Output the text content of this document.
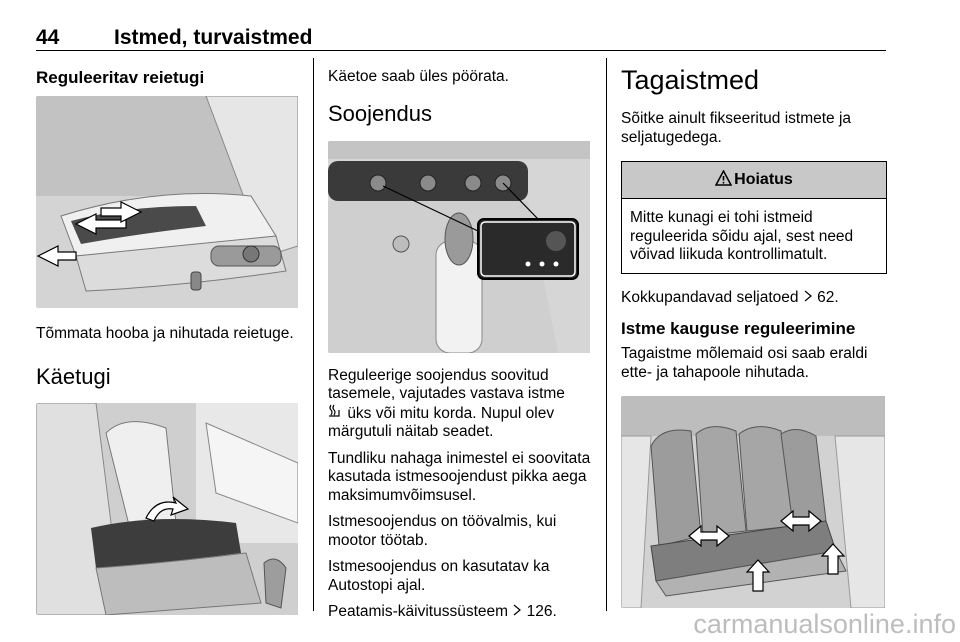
44	Istmed, turvaistmed
Reguleeritav reietugi
Tõmmata hooba ja nihutada reietuge.
Käetugi
Käetoe saab üles pöörata.
Soojendus
Reguleerige soojendus soovitud tasemele, vajutades vastava istme
üks või mitu korda. Nupul olev märgutuli näitab seadet.
Tundliku nahaga inimestel ei soovitata kasutada istmesoojendust pikka aega maksimumvõimsusel.
Istmesoojendus on töövalmis, kui mootor töötab.
Istmesoojendus on kasutatav ka Autostopi ajal.
Peatamis-käivitussüsteem 126.
Tagaistmed
Sõitke ainult fikseeritud istmete ja seljatugedega.
Hoiatus
Mitte kunagi ei tohi istmeid reguleerida sõidu ajal, sest need võivad liikuda kontrollimatult.
Kokkupandavad seljatoed 62.
Istme kauguse reguleerimine
Tagaistme mõlemaid osi saab eraldi ette- ja tahapoole nihutada.
carmanualsonline.info
